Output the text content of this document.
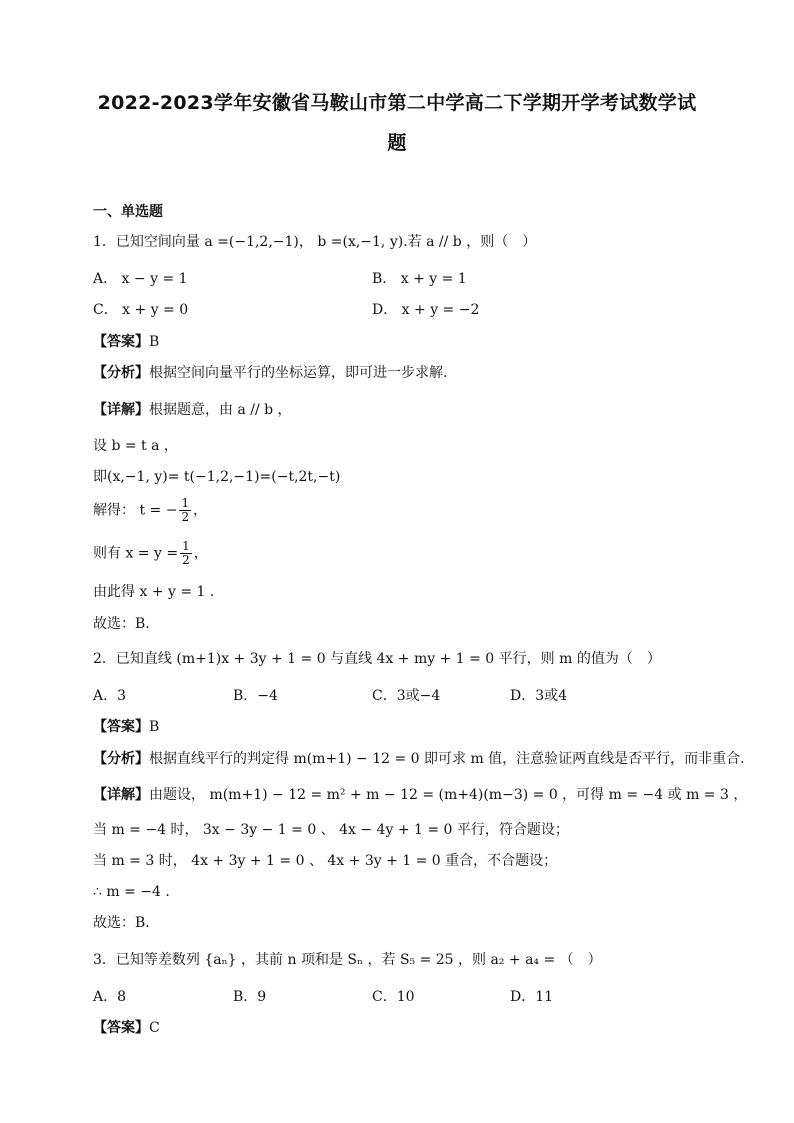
2022-2023学年安徽省马鞍山市第二中学高二下学期开学考试数学试
题
一、单选题
1．已知空间向量 a =(−1,2,−1)， b =(x,−1, y).若 a // b ，则（　）
A． x − y = 1	B． x + y = 1
C． x + y = 0	D． x + y = −2
【答案】B
【分析】根据空间向量平行的坐标运算，即可进一步求解.
【详解】根据题意，由 a // b ，
设 b = t a ，
即(x,−1, y)= t(−1,2,−1)=(−t,2t,−t)
解得： t = − $\frac{1}{2}$ ，
则有 $x = y = \frac{1}{2}$ ，
由此得 x + y = 1 .
故选：B.
2．已知直线 (m+1)x + 3y + 1 = 0 与直线 4x + my + 1 = 0 平行，则 m 的值为（　）
A．3	B．−4	C．3或−4	D．3或4
【答案】B
【分析】根据直线平行的判定得 m(m+1) − 12 = 0 即可求 m 值，注意验证两直线是否平行，而非重合.
【详解】由题设， m(m+1) − 12 = m² + m − 12 = (m+4)(m−3) = 0 ，可得 m = −4 或 m = 3 ，
当 m = −4 时， 3x − 3y − 1 = 0 、 4x − 4y + 1 = 0 平行，符合题设；
当 m = 3 时， 4x + 3y + 1 = 0 、 4x + 3y + 1 = 0 重合，不合题设；
∴ m = −4 .
故选：B.
3．已知等差数列 {aₙ} ，其前 n 项和是 Sₙ ，若 S₅ = 25 ，则 a₂ + a₄ = （　）
A．8	B．9	C．10	D．11
【答案】C
